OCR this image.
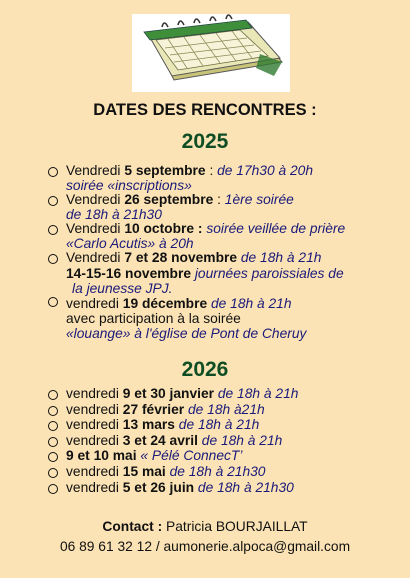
DATES DES RENCONTRES :
2025
Vendredi 5 septembre : de 17h30 à 20h
soirée «inscriptions»
Vendredi 26 septembre : 1ère soirée
de 18h à 21h30
Vendredi 10 octobre : soirée veillée de prière
«Carlo Acutis» à 20h
Vendredi 7 et 28 novembre de 18h à 21h
14-15-16 novembre journées paroissiales de
la jeunesse JPJ.
vendredi 19 décembre de 18h à 21h
avec participation à la soirée
«louange» à l'église de Pont de Cheruy
2026
vendredi 9 et 30 janvier de 18h à 21h
vendredi 27 février de 18h à21h
vendredi 13 mars de 18h à 21h
vendredi 3 et 24 avril de 18h à 21h
9 et 10 mai « Pélé ConnecT’
vendredi 15 mai de 18h à 21h30
vendredi 5 et 26 juin de 18h à 21h30
Contact : Patricia BOURJAILLAT
06 89 61 32 12 / aumonerie.alpoca@gmail.com
